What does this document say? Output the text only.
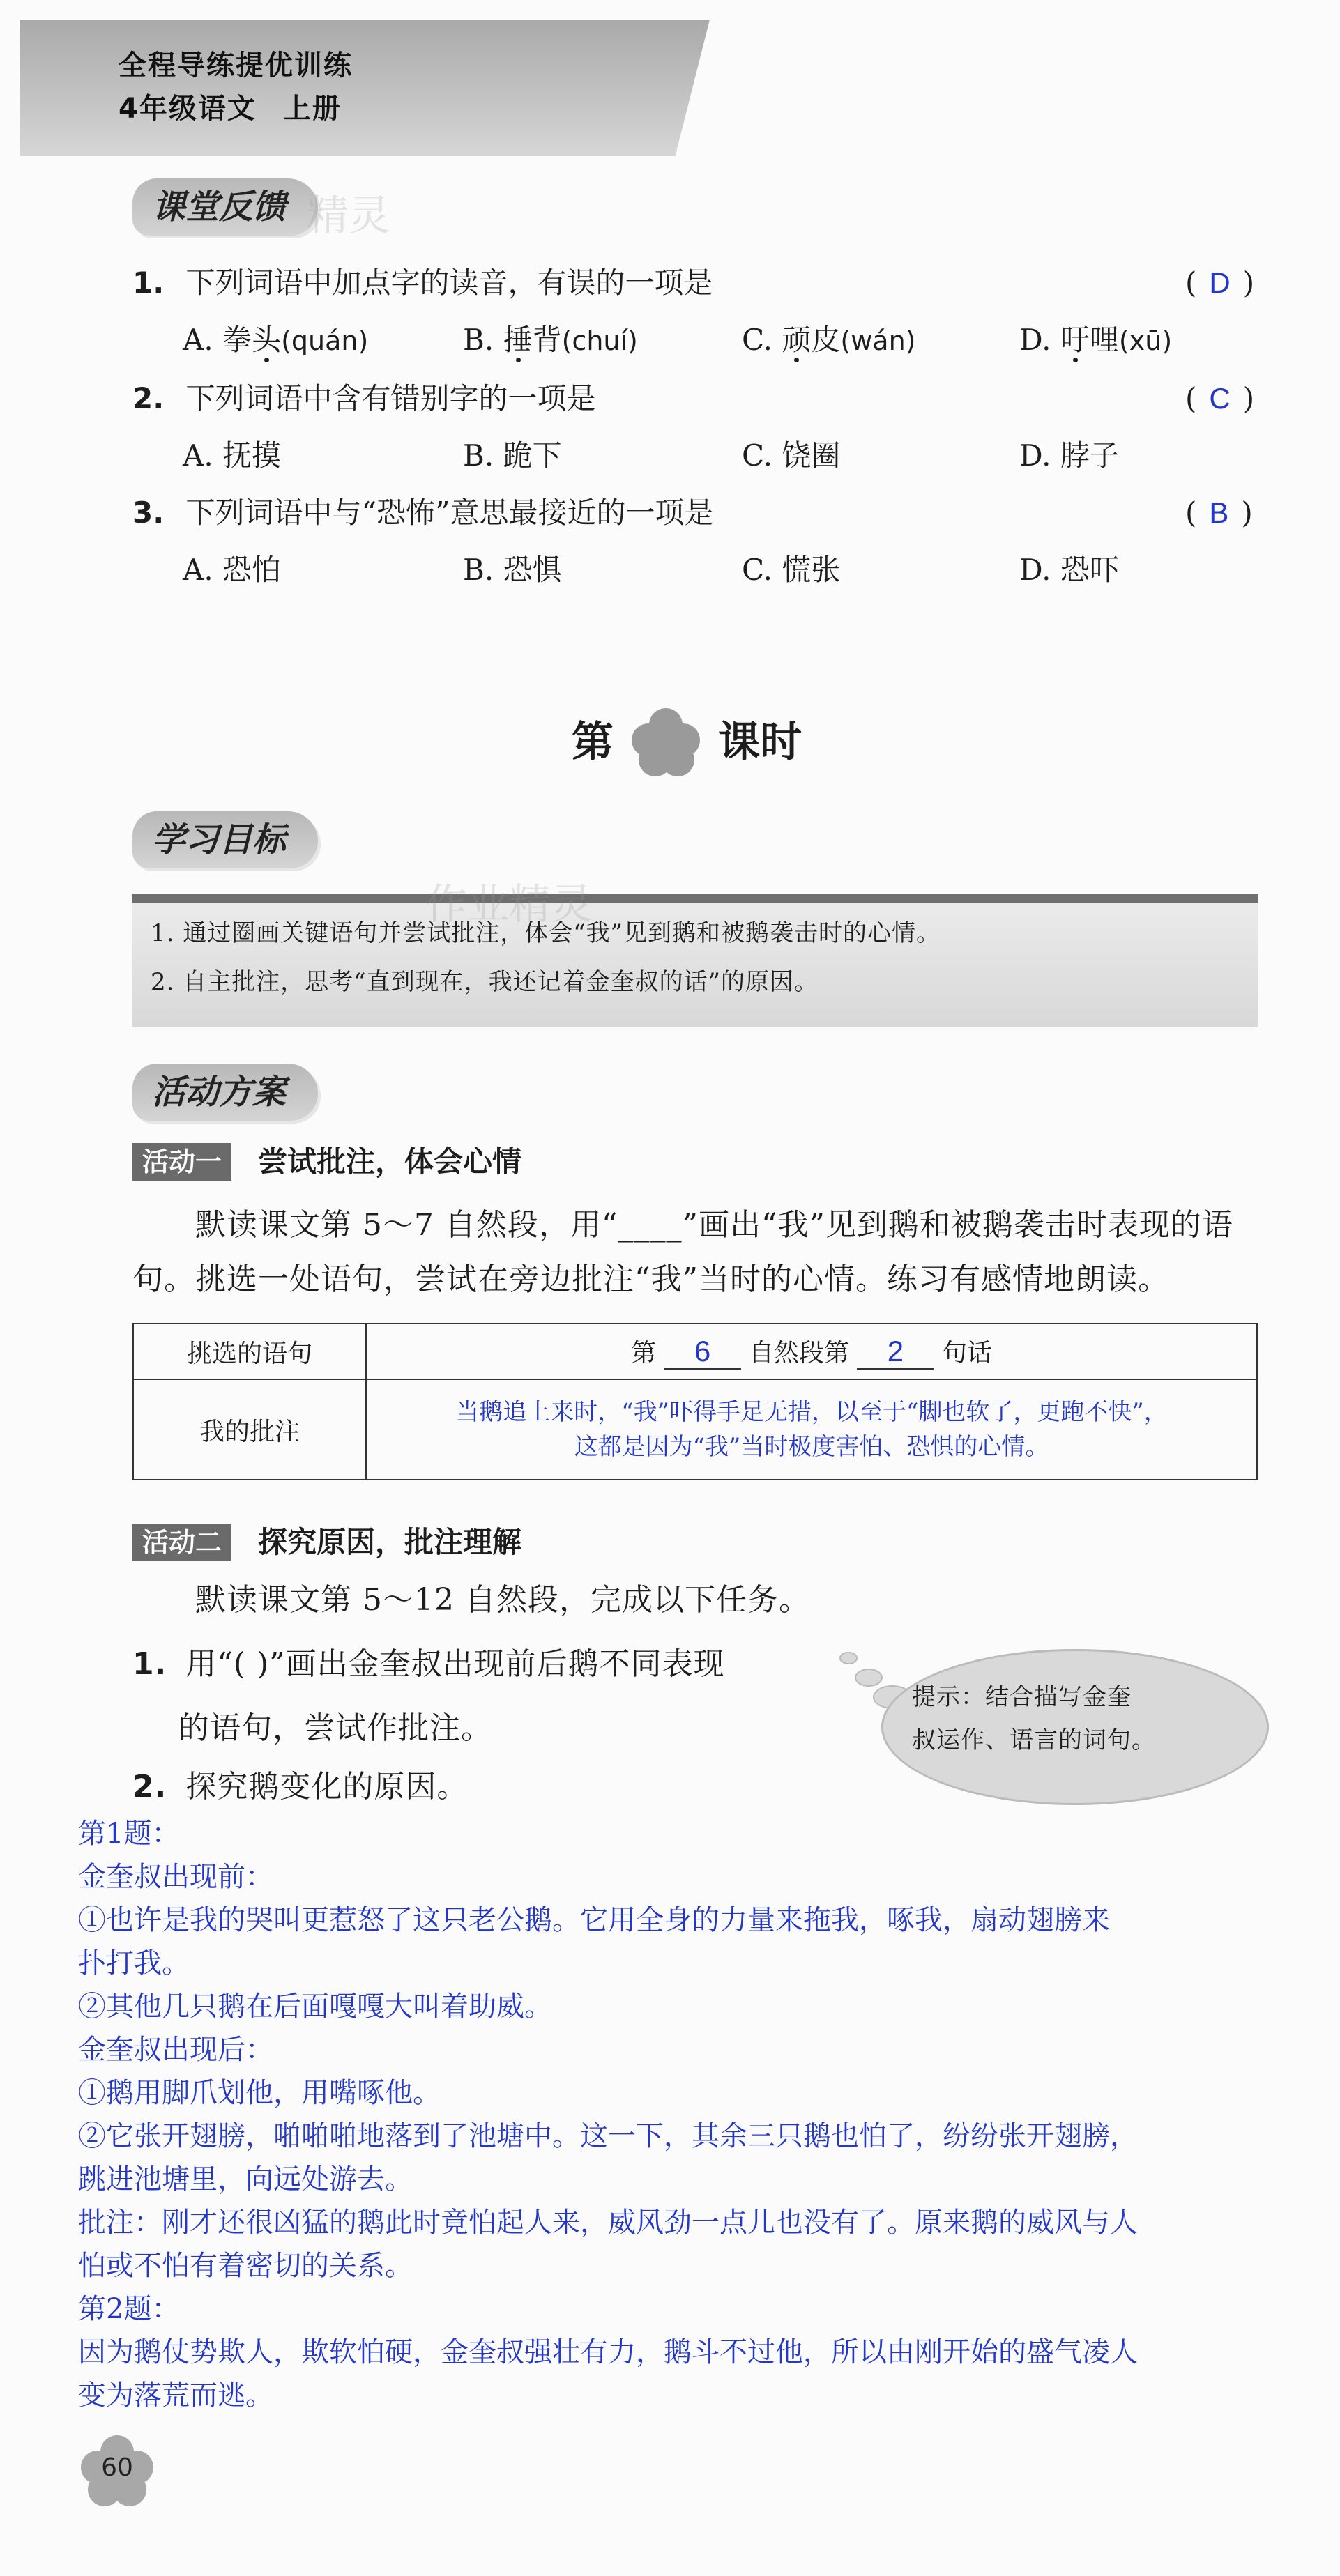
全程导练提优训练
4年级语文 上册
课堂反馈 精灵
1. 下列词语中加点字的读音，有误的一项是	( D )
A. 拳头(quán)	B. 捶背(chuí)	C. 顽皮(wán)	D. 吁哩(xū)
2. 下列词语中含有错别字的一项是	( C )
A. 抚摸	B. 跪下	C. 饶圈	D. 脖子
3. 下列词语中与“恐怖”意思最接近的一项是	( B )
A. 恐怕	B. 恐惧	C. 慌张	D. 恐吓
第	课时
学习目标
作业精灵
1. 通过圈画关键语句并尝试批注，体会“我”见到鹅和被鹅袭击时的心情。
2. 自主批注，思考“直到现在，我还记着金奎叔的话”的原因。
活动方案
活动一	尝试批注，体会心情
默读课文第 5～7 自然段，用“____”画出“我”见到鹅和被鹅袭击时表现的语
句。挑选一处语句，尝试在旁边批注“我”当时的心情。练习有感情地朗读。
挑选的语句	第 6 自然段第 2 句话
我的批注	当鹅追上来时，“我”吓得手足无措，以至于“脚也软了，更跑不快”，
这都是因为“我”当时极度害怕、恐惧的心情。
活动二	探究原因，批注理解
默读课文第 5～12 自然段，完成以下任务。
1. 用“( )”画出金奎叔出现前后鹅不同表现
的语句，尝试作批注。
2. 探究鹅变化的原因。
提示：结合描写金奎
叔运作、语言的词句。
第1题：
金奎叔出现前：
①也许是我的哭叫更惹怒了这只老公鹅。它用全身的力量来拖我，啄我，扇动翅膀来
扑打我。
②其他几只鹅在后面嘎嘎大叫着助威。
金奎叔出现后：
①鹅用脚爪划他，用嘴啄他。
②它张开翅膀，啪啪啪地落到了池塘中。这一下，其余三只鹅也怕了，纷纷张开翅膀，
跳进池塘里，向远处游去。
批注：刚才还很凶猛的鹅此时竟怕起人来，威风劲一点儿也没有了。原来鹅的威风与人
怕或不怕有着密切的关系。
第2题：
因为鹅仗势欺人，欺软怕硬，金奎叔强壮有力，鹅斗不过他，所以由刚开始的盛气凌人
变为落荒而逃。
60
